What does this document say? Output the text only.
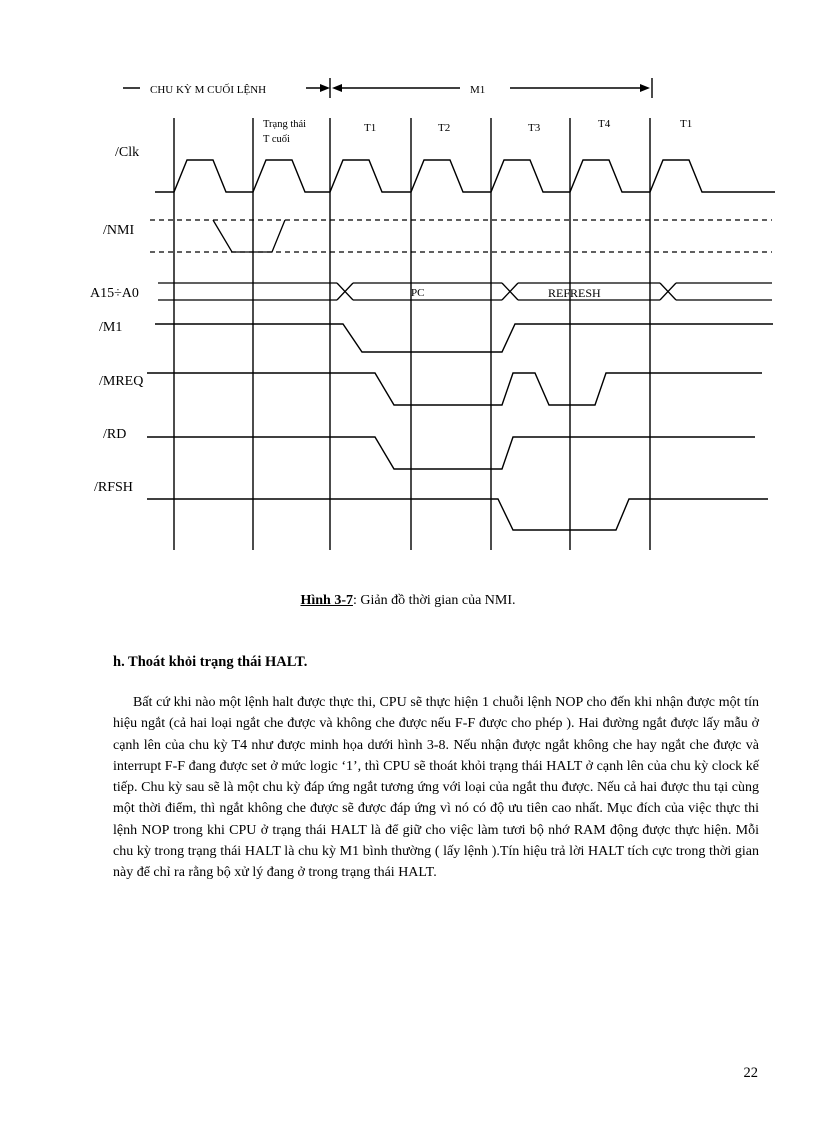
CHU KỲ M CUỐI LỆNH	M1
Trạng thái
T cuối
T1	T2	T3	T4	T1
/Clk
/NMI
A15÷A0
/M1
/MREQ
/RD
/RFSH
PC	REFRESH
Hình 3-7: Giản đồ thời gian của NMI.
h. Thoát khỏi trạng thái HALT.

Bất cứ khi nào một lệnh halt được thực thi, CPU sẽ thực hiện 1 chuỗi lệnh NOP cho đến khi nhận được một tín hiệu ngắt (cả hai loại ngắt che được và không che được nếu F-F được cho phép ). Hai đường ngắt được lấy mẫu ở cạnh lên của chu kỳ T4 như được minh họa dưới hình 3-8. Nếu nhận được ngắt không che hay ngắt che được và interrupt F-F đang được set ở mức logic ‘1’, thì CPU sẽ thoát khỏi trạng thái HALT ở cạnh lên của chu kỳ clock kế tiếp. Chu kỳ sau sẽ là một chu kỳ đáp ứng ngắt tương ứng với loại của ngắt thu được. Nếu cả hai được thu tại cùng một thời điểm, thì ngắt không che được sẽ được đáp ứng vì nó có độ ưu tiên cao nhất. Mục đích của việc thực thi lệnh NOP trong khi CPU ở trạng thái HALT là để giữ cho việc làm tươi bộ nhớ RAM động được thực hiện. Mỗi chu kỳ trong trạng thái HALT là chu kỳ M1 bình thường ( lấy lệnh ).Tín hiệu trả lời HALT tích cực trong thời gian này để chỉ ra rằng bộ xử lý đang ở trong trạng thái HALT.

22
